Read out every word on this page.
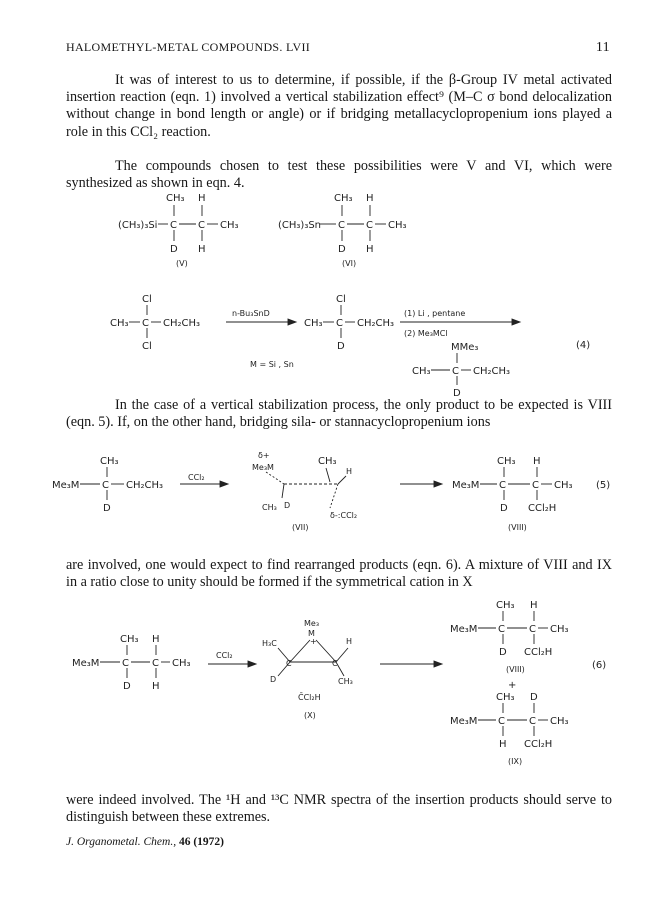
HALOMETHYL-METAL COMPOUNDS. LVII	11

It was of interest to us to determine, if possible, if the β-Group IV metal activated insertion reaction (eqn. 1) involved a vertical stabilization effect⁹ (M–C σ bond delocalization without change in bond length or angle) or if bridging metallacyclopropenium ions played a role in this CCl₂ reaction.

The compounds chosen to test these possibilities were V and VI, which were synthesized as shown in eqn. 4.

(CH₃)₃Si C C CH₃
CH₃ H
D H
(V)
(CH₃)₃Sn C C CH₃
CH₃ H
D H
(VI)
Cl
CH₃ C CH₂CH₃
Cl
n-Bu₃SnD
Cl
CH₃ C CH₂CH₃
D
(1) Li , pentane
(2) Me₃MCl
M = Si , Sn
MMe₃
CH₃ C CH₂CH₃
D
(4)

In the case of a vertical stabilization process, the only product to be expected is VIII (eqn. 5). If, on the other hand, bridging sila- or stannacyclopropenium ions

CH₃
Me₃M C CH₂CH₃
D
CCl₂
δ+
Me₃M
CH₃
H
CH₃ D
δ-:CCl₂
(VII)
CH₃ H
Me₃M C	C CH₃
D CCl₂H
(VIII)
(5)

are involved, one would expect to find rearranged products (eqn. 6). A mixture of VIII and IX in a ratio close to unity should be formed if the symmetrical cation in X

CH₃ H
Me₃M C C CH₃
D H
CCl₂
Me₃
M
+
H₃C	H
D	CH₃
C	C
C̄Cl₂H
(X)
CH₃ H
Me₃M C C CH₃
D CCl₂H
(VIII)
+
CH₃ D
Me₃M C C CH₃
H CCl₂H
(IX)
(6)

were indeed involved. The ¹H and ¹³C NMR spectra of the insertion products should serve to distinguish between these extremes.

J. Organometal. Chem., 46 (1972)
